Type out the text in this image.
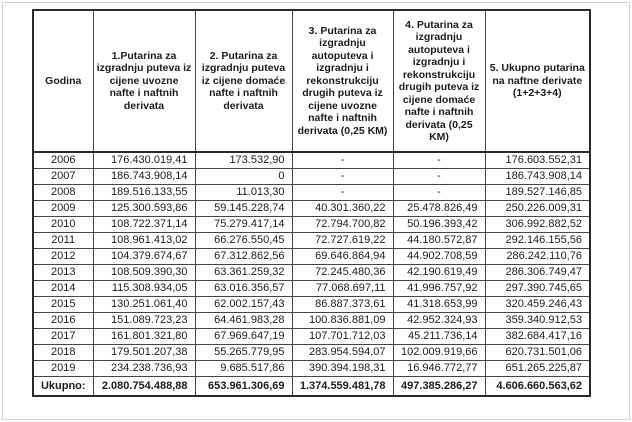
Godina	1.Putarina za izgradnju puteva iz cijene uvozne nafte i naftnih derivata	2. Putarina za izgradnju puteva iz cijene domaće nafte i naftnih derivata	3. Putarina za izgradnju autoputeva i izgradnju i rekonstrukciju drugih puteva iz cijene uvozne nafte i naftnih derivata (0,25 KM)	4. Putarina za izgradnju autoputeva i izgradnju i rekonstrukciju drugih puteva iz cijene domaće nafte i naftnih derivata (0,25 KM)	5. Ukupno putarina na naftne derivate (1+2+3+4)
2006	176.430.019,41	173.532,90	-	-	176.603.552,31
2007	186.743.908,14	0	-	-	186.743.908,14
2008	189.516.133,55	11.013,30	-	-	189.527.146,85
2009	125.300.593,86	59.145.228,74	40.301.360,22	25.478.826,49	250.226.009,31
2010	108.722.371,14	75.279.417,14	72.794.700,82	50.196.393,42	306.992.882,52
2011	108.961.413,02	66.276.550,45	72.727.619,22	44.180.572,87	292.146.155,56
2012	104.379.674,67	67.312.862,56	69.646.864,94	44.902.708,59	286.242.110,76
2013	108.509.390,30	63.361.259,32	72.245.480,36	42.190.619,49	286.306.749,47
2014	115.308.934,05	63.016.356,57	77.068.697,11	41.996.757,92	297.390.745,65
2015	130.251.061,40	62.002.157,43	86.887.373,61	41.318.653,99	320.459.246,43
2016	151.089.723,23	64.461.983,28	100.836.881,09	42.952.324,93	359.340.912,53
2017	161.801.321,80	67.969.647,19	107.701.712,03	45.211.736,14	382.684.417,16
2018	179.501.207,38	55.265.779,95	283.954.594,07	102.009.919,66	620.731.501,06
2019	234.238.736,93	9.685.517,86	390.394.198,31	16.946.772,77	651.265.225,87
Ukupno:	2.080.754.488,88	653.961.306,69	1.374.559.481,78	497.385.286,27	4.606.660.563,62
